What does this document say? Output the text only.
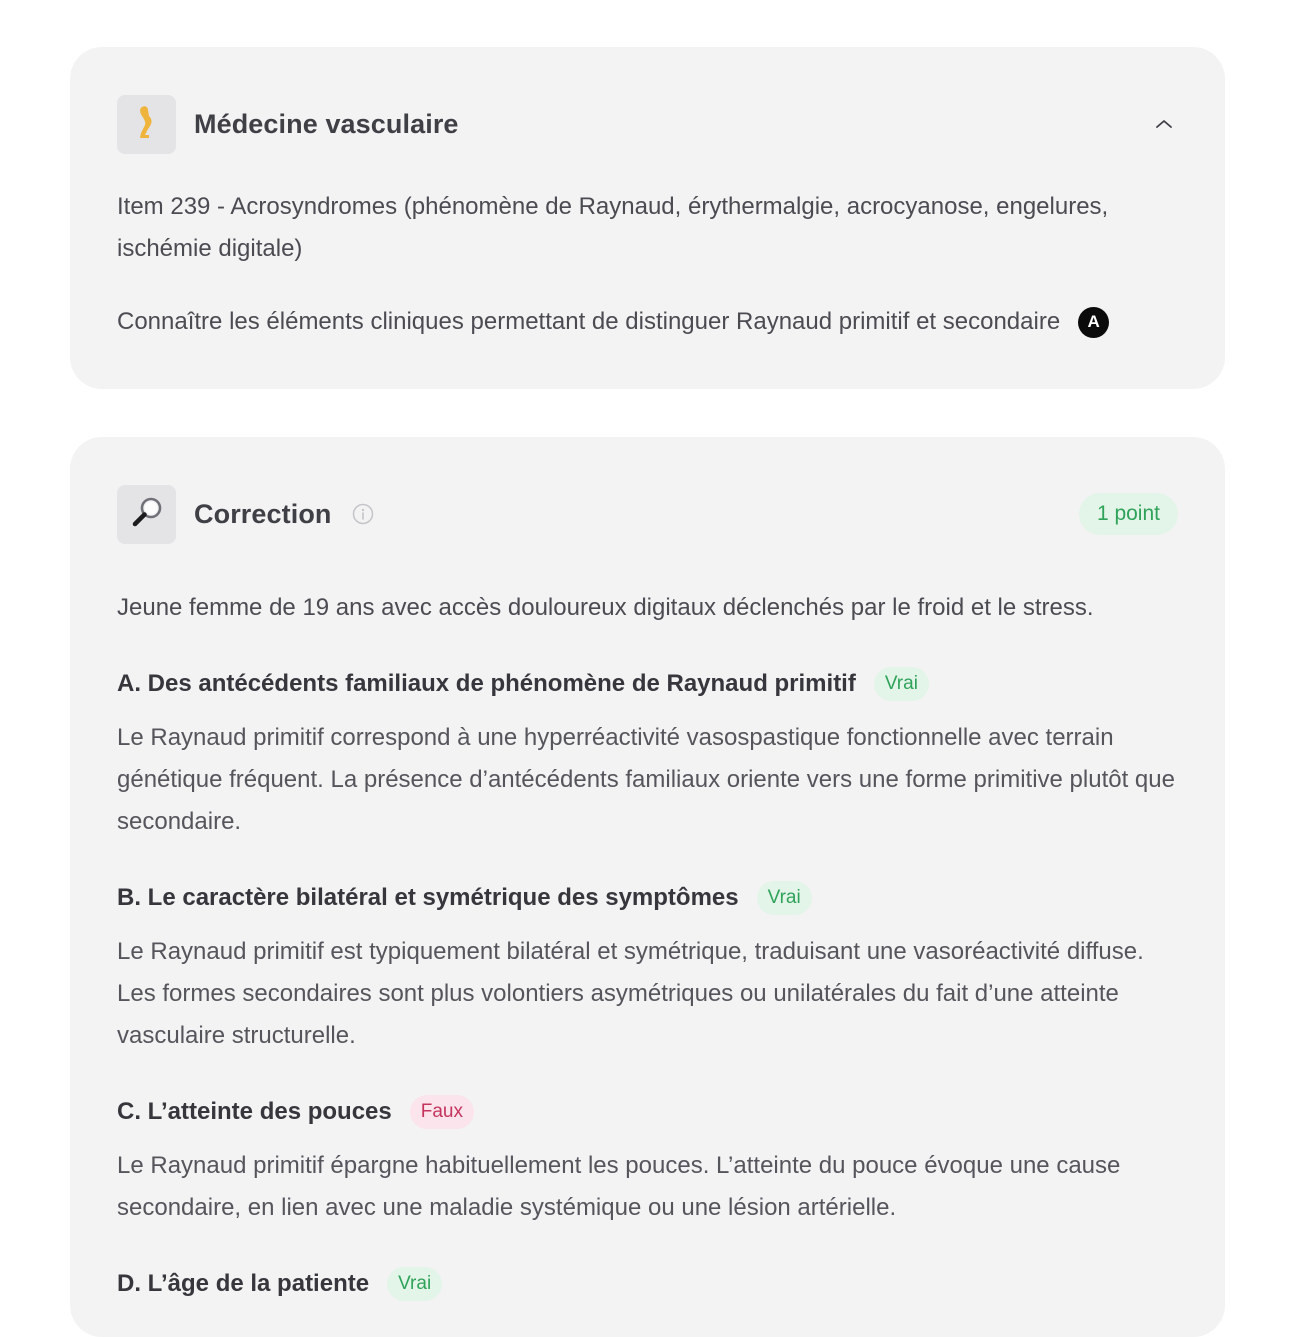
Médecine vasculaire

Item 239 - Acrosyndromes (phénomène de Raynaud, érythermalgie, acrocyanose, engelures, ischémie digitale)

Connaître les éléments cliniques permettant de distinguer Raynaud primitif et secondaire	A
Correction	1 point

Jeune femme de 19 ans avec accès douloureux digitaux déclenchés par le froid et le stress.

A. Des antécédents familiaux de phénomène de Raynaud primitif	Vrai

Le Raynaud primitif correspond à une hyperréactivité vasospastique fonctionnelle avec terrain génétique fréquent. La présence d’antécédents familiaux oriente vers une forme primitive plutôt que secondaire.

B. Le caractère bilatéral et symétrique des symptômes	Vrai

Le Raynaud primitif est typiquement bilatéral et symétrique, traduisant une vasoréactivité diffuse. Les formes secondaires sont plus volontiers asymétriques ou unilatérales du fait d’une atteinte vasculaire structurelle.

C. L’atteinte des pouces	Faux

Le Raynaud primitif épargne habituellement les pouces. L’atteinte du pouce évoque une cause secondaire, en lien avec une maladie systémique ou une lésion artérielle.

D. L’âge de la patiente	Vrai
